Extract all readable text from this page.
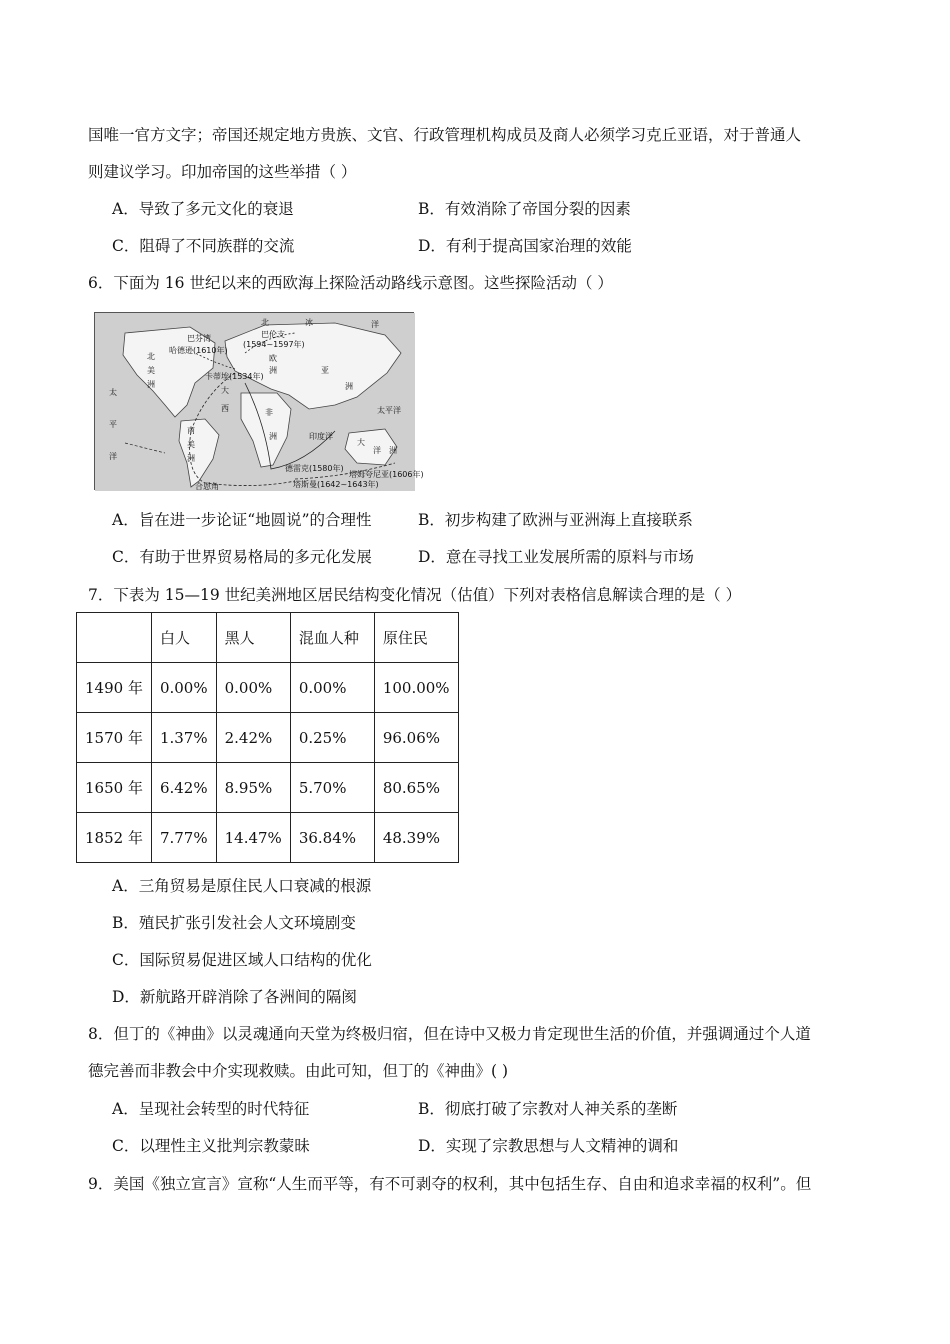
国唯一官方文字；帝国还规定地方贵族、文官、行政管理机构成员及商人必须学习克丘亚语，对于普通人
则建议学习。印加帝国的这些举措（ ）
A．导致了多元文化的衰退	B．有效消除了帝国分裂的因素
C．阻碍了不同族群的交流	D．有利于提高国家治理的效能
6．下面为 16 世纪以来的西欧海上探险活动路线示意图。这些探险活动（ ）
北	冰	洋
巴伦支
(1594~1597年)
巴芬湾
哈德逊(1610年)
卡蒂埃(1534年)
北
美
洲
欧
洲	亚
洲
太
平
洋
大
西	非
洲
南
美
洲
印度洋
太平洋
大
洋 洲
德雷克(1580年)
塔斯曼(1642~1643年)
塔姆夸尼亚(1606年)
合恩角
A．旨在进一步论证“地圆说”的合理性	B．初步构建了欧洲与亚洲海上直接联系
C．有助于世界贸易格局的多元化发展	D．意在寻找工业发展所需的原料与市场
7．下表为 15—19 世纪美洲地区居民结构变化情况（估值）下列对表格信息解读合理的是（ ）
	白人	黑人	混血人种	原住民
1490 年	0.00%	0.00%	0.00%	100.00%
1570 年	1.37%	2.42%	0.25%	96.06%
1650 年	6.42%	8.95%	5.70%	80.65%
1852 年	7.77%	14.47%	36.84%	48.39%
A．三角贸易是原住民人口衰减的根源
B．殖民扩张引发社会人文环境剧变
C．国际贸易促进区域人口结构的优化
D．新航路开辟消除了各洲间的隔阂
8．但丁的《神曲》以灵魂通向天堂为终极归宿，但在诗中又极力肯定现世生活的价值，并强调通过个人道
德完善而非教会中介实现救赎。由此可知，但丁的《神曲》( )
A．呈现社会转型的时代特征	B．彻底打破了宗教对人神关系的垄断
C．以理性主义批判宗教蒙昧	D．实现了宗教思想与人文精神的调和
9．美国《独立宣言》宣称“人生而平等，有不可剥夺的权利，其中包括生存、自由和追求幸福的权利”。但
